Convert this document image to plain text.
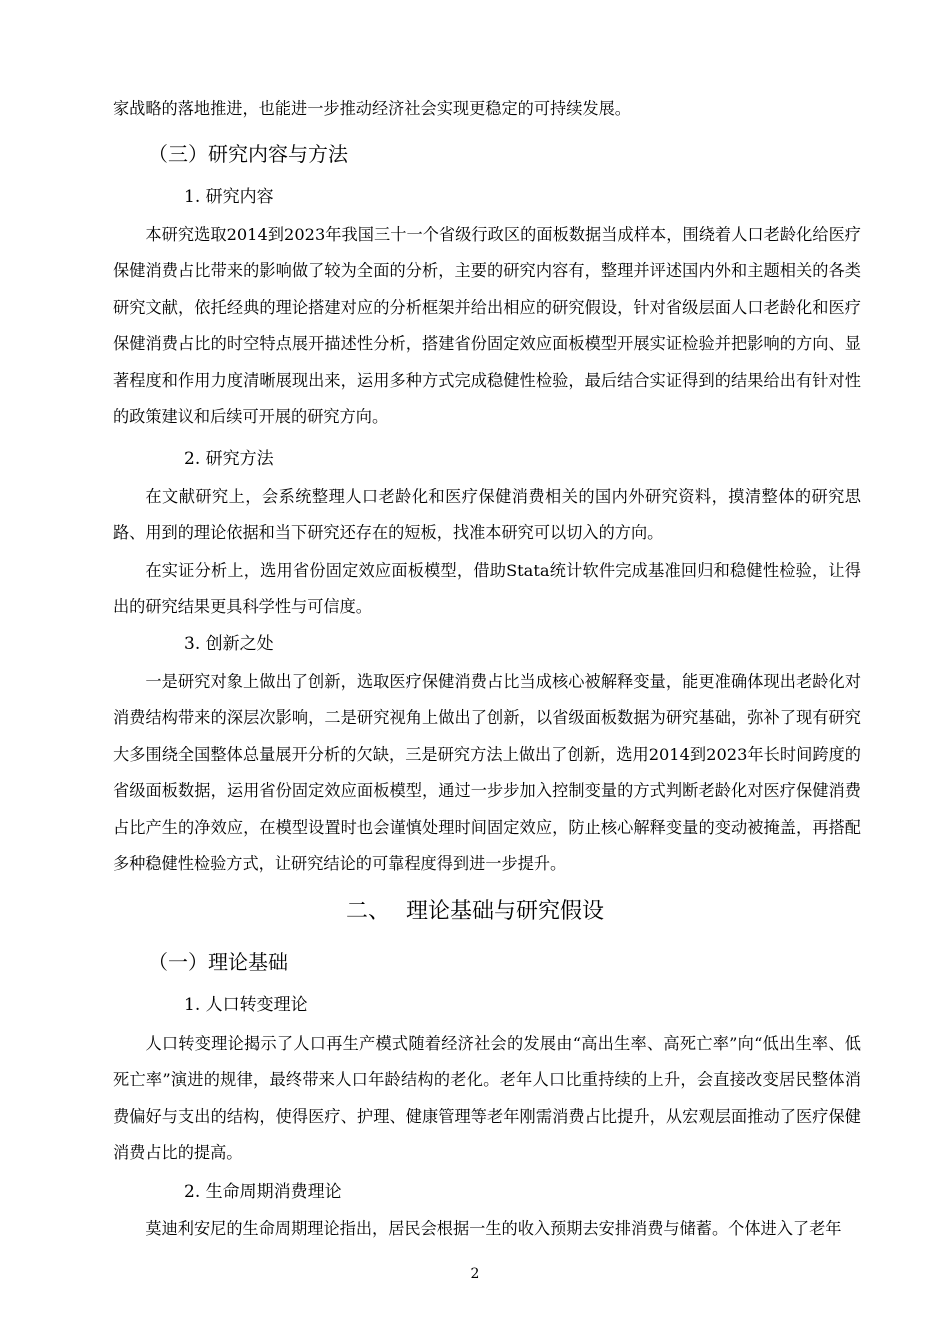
家战略的落地推进，也能进一步推动经济社会实现更稳定的可持续发展。

（三）研究内容与方法
1. 研究内容

本研究选取2014到2023年我国三十一个省级行政区的面板数据当成样本，围绕着人口老龄化给医疗保健消费占比带来的影响做了较为全面的分析，主要的研究内容有，整理并评述国内外和主题相关的各类研究文献，依托经典的理论搭建对应的分析框架并给出相应的研究假设，针对省级层面人口老龄化和医疗保健消费占比的时空特点展开描述性分析，搭建省份固定效应面板模型开展实证检验并把影响的方向、显著程度和作用力度清晰展现出来，运用多种方式完成稳健性检验，最后结合实证得到的结果给出有针对性的政策建议和后续可开展的研究方向。

2. 研究方法

在文献研究上，会系统整理人口老龄化和医疗保健消费相关的国内外研究资料，摸清整体的研究思路、用到的理论依据和当下研究还存在的短板，找准本研究可以切入的方向。

在实证分析上，选用省份固定效应面板模型，借助Stata统计软件完成基准回归和稳健性检验，让得出的研究结果更具科学性与可信度。

3. 创新之处

一是研究对象上做出了创新，选取医疗保健消费占比当成核心被解释变量，能更准确体现出老龄化对消费结构带来的深层次影响，二是研究视角上做出了创新，以省级面板数据为研究基础，弥补了现有研究大多围绕全国整体总量展开分析的欠缺，三是研究方法上做出了创新，选用2014到2023年长时间跨度的省级面板数据，运用省份固定效应面板模型，通过一步步加入控制变量的方式判断老龄化对医疗保健消费占比产生的净效应，在模型设置时也会谨慎处理时间固定效应，防止核心解释变量的变动被掩盖，再搭配多种稳健性检验方式，让研究结论的可靠程度得到进一步提升。

二、 理论基础与研究假设
（一）理论基础
1. 人口转变理论

人口转变理论揭示了人口再生产模式随着经济社会的发展由“高出生率、高死亡率”向“低出生率、低死亡率”演进的规律，最终带来人口年龄结构的老化。老年人口比重持续的上升，会直接改变居民整体消费偏好与支出的结构，使得医疗、护理、健康管理等老年刚需消费占比提升，从宏观层面推动了医疗保健消费占比的提高。

2. 生命周期消费理论

莫迪利安尼的生命周期理论指出，居民会根据一生的收入预期去安排消费与储蓄。个体进入了老年

2
